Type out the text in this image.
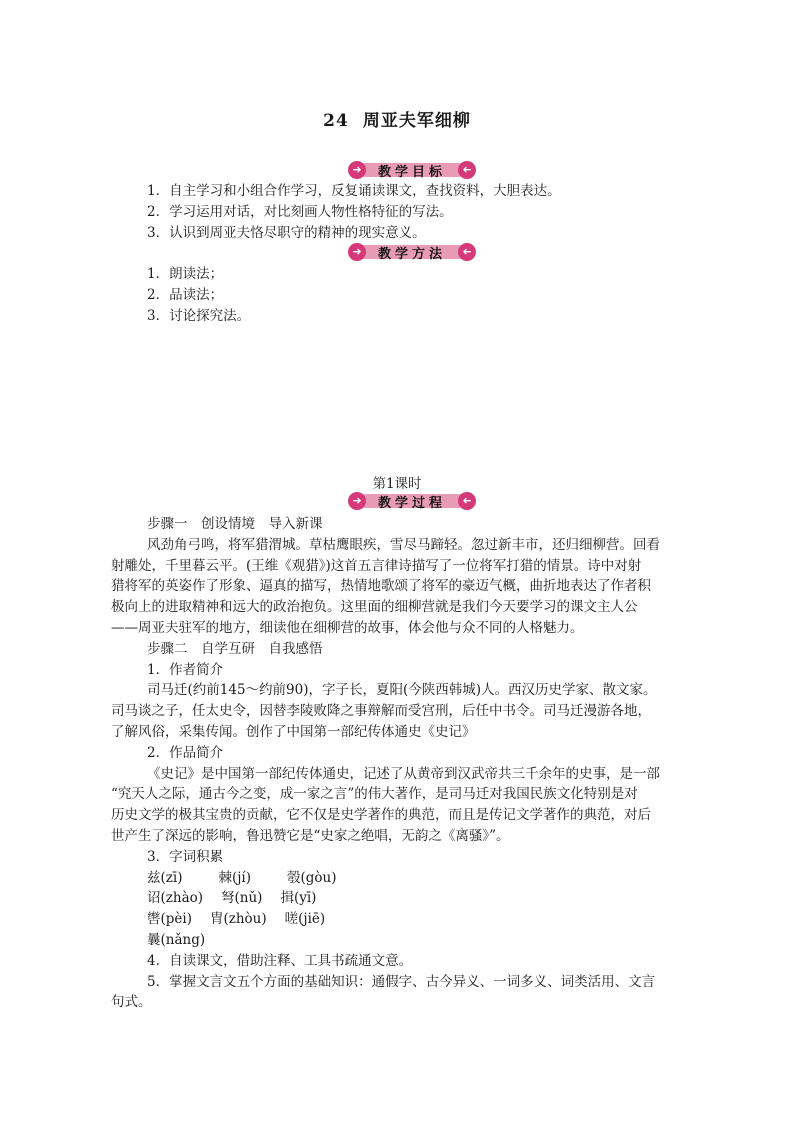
24 周亚夫军细柳
➜	➜
教学目标
1．自主学习和小组合作学习，反复诵读课文，查找资料，大胆表达。
2．学习运用对话，对比刻画人物性格特征的写法。
3．认识到周亚夫恪尽职守的精神的现实意义。
➜	➜
教学方法
1．朗读法；
2．品读法；
3．讨论探究法。
第1课时
➜	➜
教学过程
步骤一　创设情境　导入新课
风劲角弓鸣，将军猎渭城。草枯鹰眼疾，雪尽马蹄轻。忽过新丰市，还归细柳营。回看
射雕处，千里暮云平。(王维《观猎》)这首五言律诗描写了一位将军打猎的情景。诗中对射
猎将军的英姿作了形象、逼真的描写，热情地歌颂了将军的豪迈气概，曲折地表达了作者积
极向上的进取精神和远大的政治抱负。这里面的细柳营就是我们今天要学习的课文主人公
——周亚夫驻军的地方，细读他在细柳营的故事，体会他与众不同的人格魅力。
步骤二　自学互研　自我感悟
1．作者简介
司马迁(约前145～约前90)，字子长，夏阳(今陕西韩城)人。西汉历史学家、散文家。
司马谈之子，任太史令，因替李陵败降之事辩解而受宫刑，后任中书令。司马迁漫游各地，
了解风俗，采集传闻。创作了中国第一部纪传体通史《史记》
2．作品简介
《史记》是中国第一部纪传体通史，记述了从黄帝到汉武帝共三千余年的史事，是一部
“究天人之际，通古今之变，成一家之言”的伟大著作，是司马迁对我国民族文化特别是对
历史文学的极其宝贵的贡献，它不仅是史学著作的典范，而且是传记文学著作的典范，对后
世产生了深远的影响，鲁迅赞它是“史家之绝唱，无韵之《离骚》”。
3．字词积累
兹(zī)	棘(jí)	彀(gòu)
诏(zhào) 弩(nǔ) 揖(yī)
辔(pèi) 胄(zhòu) 嗟(jiē)
曩(nǎng)
4．自读课文，借助注释、工具书疏通文意。
5．掌握文言文五个方面的基础知识：通假字、古今异义、一词多义、词类活用、文言
句式。
